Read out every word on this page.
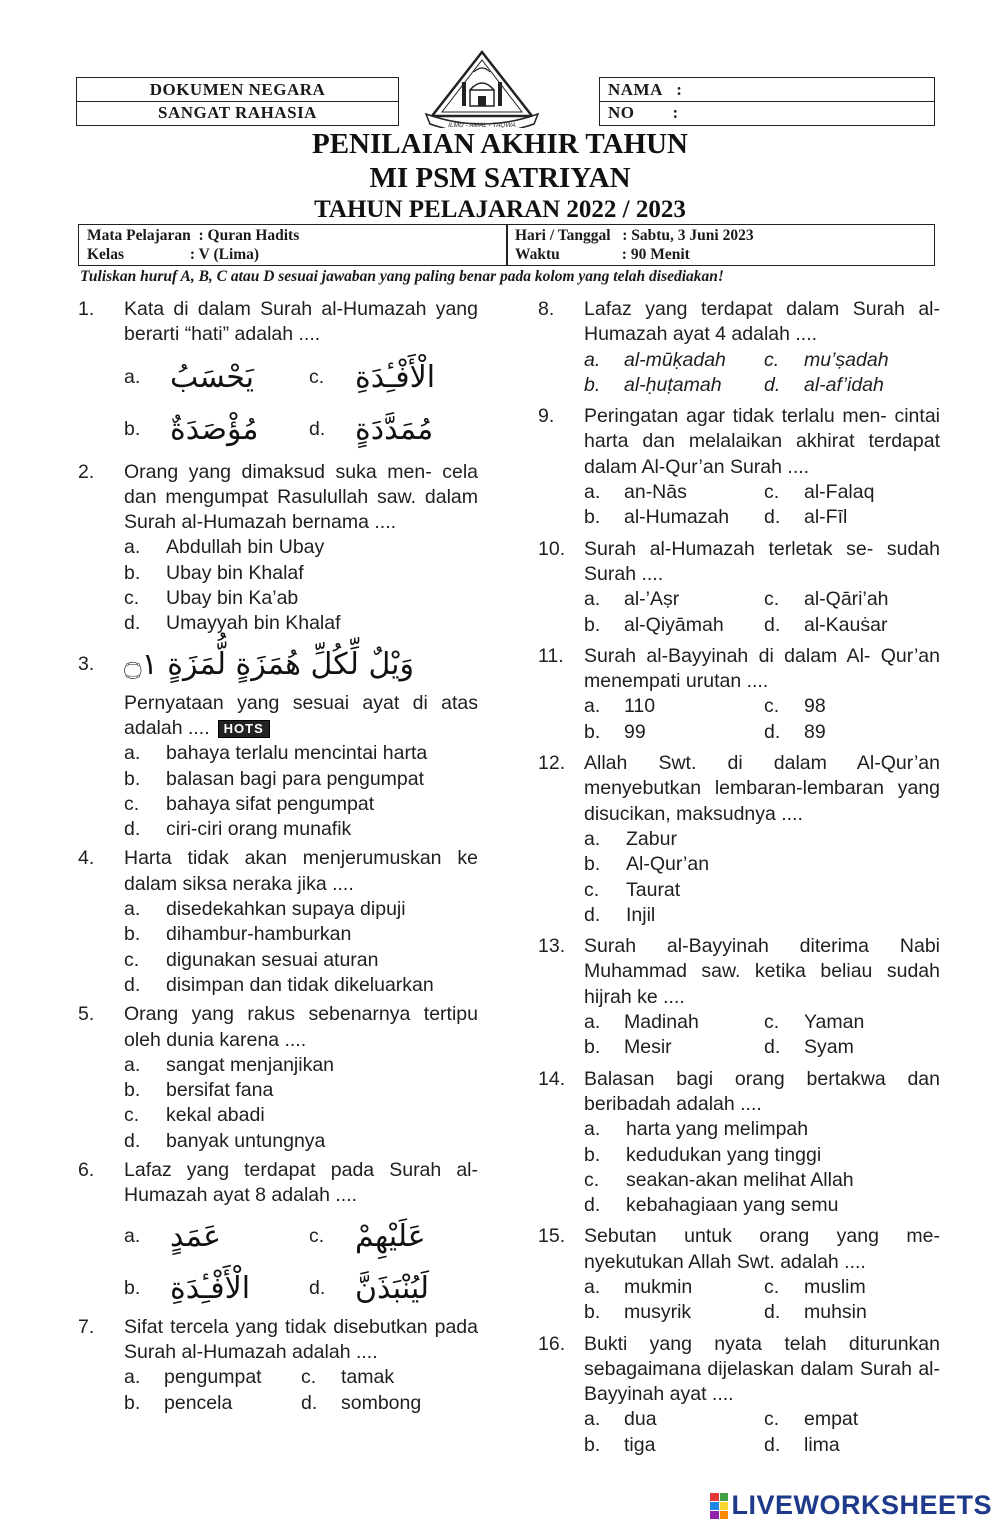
DOKUMEN NEGARA
SANGAT RAHASIA
NAMA   :
NO        :
ILMU - AMAL - TAQWA
PENILAIAN AKHIR TAHUN
MI PSM SATRIYAN
TAHUN PELAJARAN 2022 / 2023
Mata Pelajaran  : Quran Hadits
Kelas                 : V (Lima)
Hari / Tanggal   : Sabtu, 3 Juni 2023
Waktu                : 90 Menit
Tuliskan huruf A, B, C atau D sesuai jawaban yang paling benar pada kolom yang telah disediakan!
1.	Kata di dalam Surah al-Humazah yang berarti “hati” adalah ....
a. يَحْسَبُ	c.	الْأَفْـِٔدَةِ
b. مُؤْصَدَةٌ	d. مُمَدَّدَةٍ
2.	Orang yang dimaksud suka men- cela dan mengumpat Rasulullah saw. dalam Surah al-Humazah bernama ....
a.	Abdullah bin Ubay
b.	Ubay bin Khalaf
c.	Ubay bin Ka’ab
d.	Umayyah bin Khalaf
3. وَيْلٌ لِّكُلِّ هُمَزَةٍ لُّمَزَةٍ ۝١
Pernyataan yang sesuai ayat di atas adalah .... HOTS
a.	bahaya terlalu mencintai harta
b.	balasan bagi para pengumpat
c.	bahaya sifat pengumpat
d.	ciri-ciri orang munafik
4.	Harta tidak akan menjerumuskan ke dalam siksa neraka jika ....
a.	disedekahkan supaya dipuji
b.	dihambur-hamburkan
c.	digunakan sesuai aturan
d.	disimpan dan tidak dikeluarkan
5.	Orang yang rakus sebenarnya tertipu oleh dunia karena ....
a.	sangat menjanjikan
b.	bersifat fana
c.	kekal abadi
d.	banyak untungnya
6.	Lafaz yang terdapat pada Surah al-Humazah ayat 8 adalah ....
a. عَمَدٍ	c.	عَلَيْهِمْ
b. الْأَفْـِٔدَةِ	d. لَيُنْبَذَنَّ
7.	Sifat tercela yang tidak disebutkan pada Surah al-Humazah adalah ....
a.	pengumpat c.	tamak
b.	pencela	d.	sombong
8.	Lafaz yang terdapat dalam Surah al-Humazah ayat 4 adalah ....
a.	al-mūḳadah c.	mu’ṣadah
b.	al-ḥuṭamah d.	al-af’idah
9.	Peringatan agar tidak terlalu men- cintai harta dan melalaikan akhirat terdapat dalam Al-Qur’an Surah ....
a.	an-Nās	c.	al-Falaq
b.	al-Humazah d.	al-Fīl
10. Surah al-Humazah terletak se- sudah Surah ....
a.	al-’Aṣr	c.	al-Qāri’ah
b.	al-Qiyāmah d.	al-Kauṡar
11.	Surah al-Bayyinah di dalam Al- Qur’an menempati urutan ....
a.	110	c.	98
b.	99	d.	89
12. Allah Swt. di dalam Al-Qur’an menyebutkan lembaran-lembaran yang disucikan, maksudnya ....
a.	Zabur
b.	Al-Qur’an
c.	Taurat
d.	Injil
13. Surah al-Bayyinah diterima Nabi Muhammad saw. ketika beliau sudah hijrah ke ....
a.	Madinah	c.	Yaman
b.	Mesir	d.	Syam
14. Balasan bagi orang bertakwa dan beribadah adalah ....
a.	harta yang melimpah
b.	kedudukan yang tinggi
c.	seakan-akan melihat Allah
d.	kebahagiaan yang semu
15. Sebutan untuk orang yang me- nyekutukan Allah Swt. adalah ....
a.	mukmin	c.	muslim
b.	musyrik	d.	muhsin
16. Bukti yang nyata telah diturunkan sebagaimana dijelaskan dalam Surah al-Bayyinah ayat ....
a.	dua	c.	empat
b.	tiga	d.	lima
LIVEWORKSHEETS
